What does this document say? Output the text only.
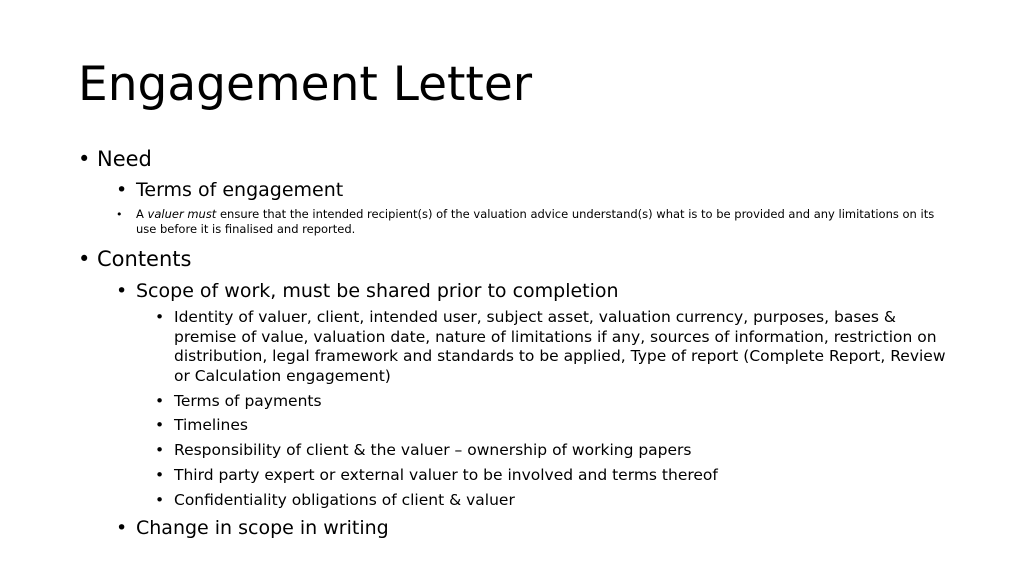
Engagement Letter
• Need
• Terms of engagement
•	A valuer must ensure that the intended recipient(s) of the valuation advice understand(s) what is to be provided and any limitations on its use before it is finalised and reported.
• Contents
• Scope of work, must be shared prior to completion
• Identity of valuer, client, intended user, subject asset, valuation currency, purposes, bases & premise of value, valuation date, nature of limitations if any, sources of information, restriction on distribution, legal framework and standards to be applied, Type of report (Complete Report, Review or Calculation engagement)
• Terms of payments
• Timelines
• Responsibility of client & the valuer – ownership of working papers
• Third party expert or external valuer to be involved and terms thereof
• Confidentiality obligations of client & valuer
• Change in scope in writing
